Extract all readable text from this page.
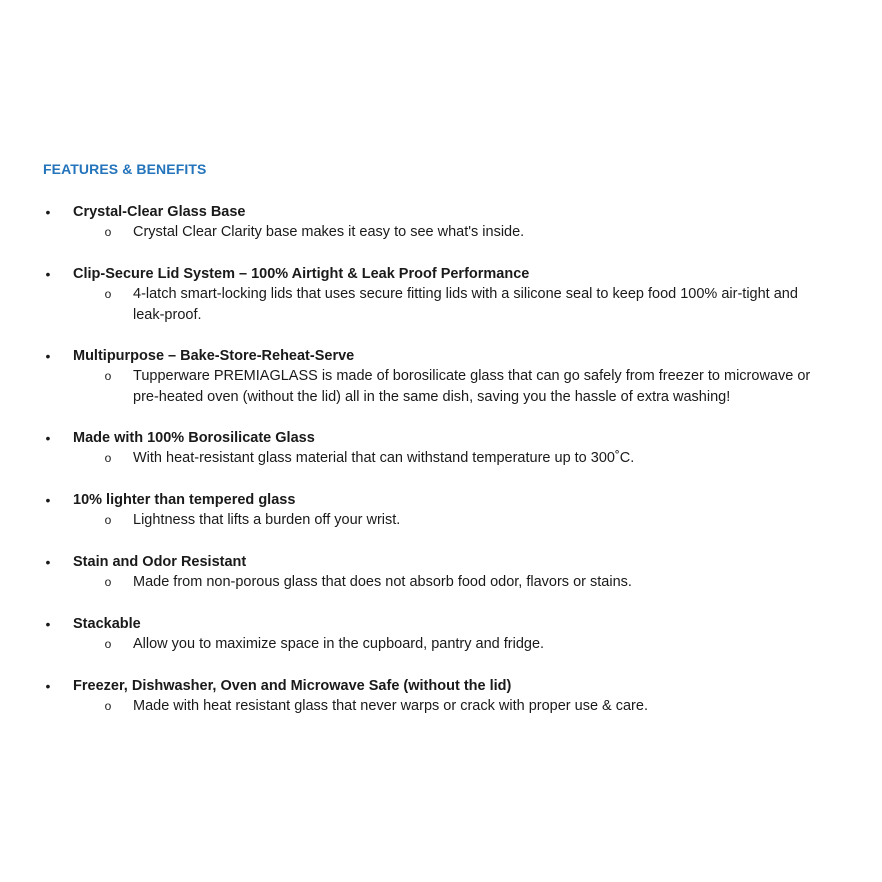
FEATURES & BENEFITS
• Crystal-Clear Glass Base
o Crystal Clear Clarity base makes it easy to see what's inside.
• Clip-Secure Lid System – 100% Airtight & Leak Proof Performance
o 4-latch smart-locking lids that uses secure fitting lids with a silicone seal to keep food 100% air-tight and leak-proof.
• Multipurpose – Bake-Store-Reheat-Serve
o Tupperware PREMIAGLASS is made of borosilicate glass that can go safely from freezer to microwave or pre-heated oven (without the lid) all in the same dish, saving you the hassle of extra washing!
• Made with 100% Borosilicate Glass
o With heat-resistant glass material that can withstand temperature up to 300˚C.
• 10% lighter than tempered glass
o Lightness that lifts a burden off your wrist.
• Stain and Odor Resistant
o Made from non-porous glass that does not absorb food odor, flavors or stains.
• Stackable
o Allow you to maximize space in the cupboard, pantry and fridge.
• Freezer, Dishwasher, Oven and Microwave Safe (without the lid)
o Made with heat resistant glass that never warps or crack with proper use & care.
